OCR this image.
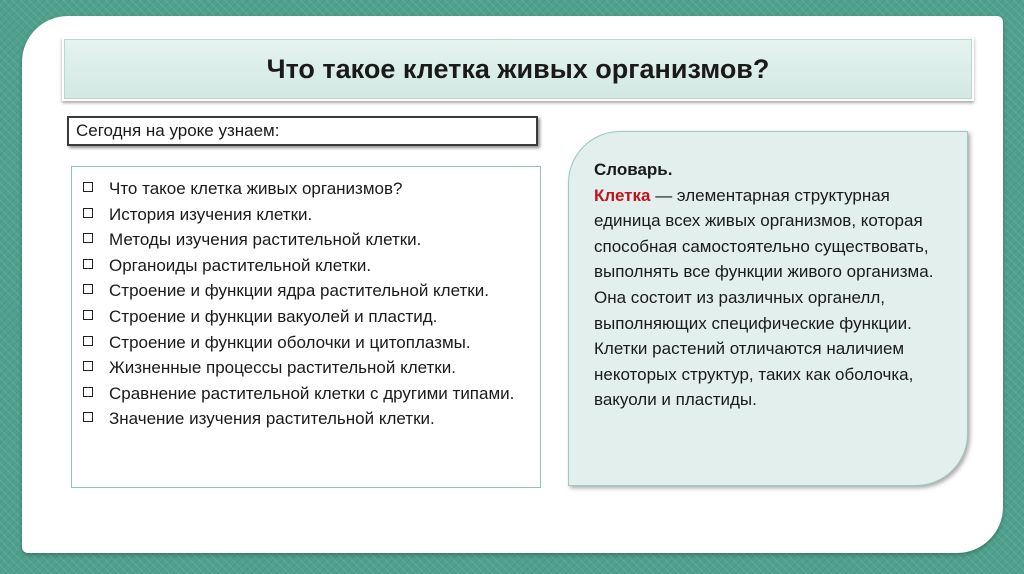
Что такое клетка живых организмов?
Сегодня на уроке узнаем:
Что такое клетка живых организмов?
История изучения клетки.
Методы изучения растительной клетки.
Органоиды растительной клетки.
Строение и функции ядра растительной клетки.
Строение и функции вакуолей и пластид.
Строение и функции оболочки и цитоплазмы.
Жизненные процессы растительной клетки.
Сравнение растительной клетки с другими типами.
Значение изучения растительной клетки.

Словарь.

Клетка — элементарная структурная единица всех живых организмов, которая способная самостоятельно существовать, выполнять все функции живого организма.

Она состоит из различных органелл, выполняющих специфические функции.

Клетки растений отличаются наличием некоторых структур, таких как оболочка, вакуоли и пластиды.
